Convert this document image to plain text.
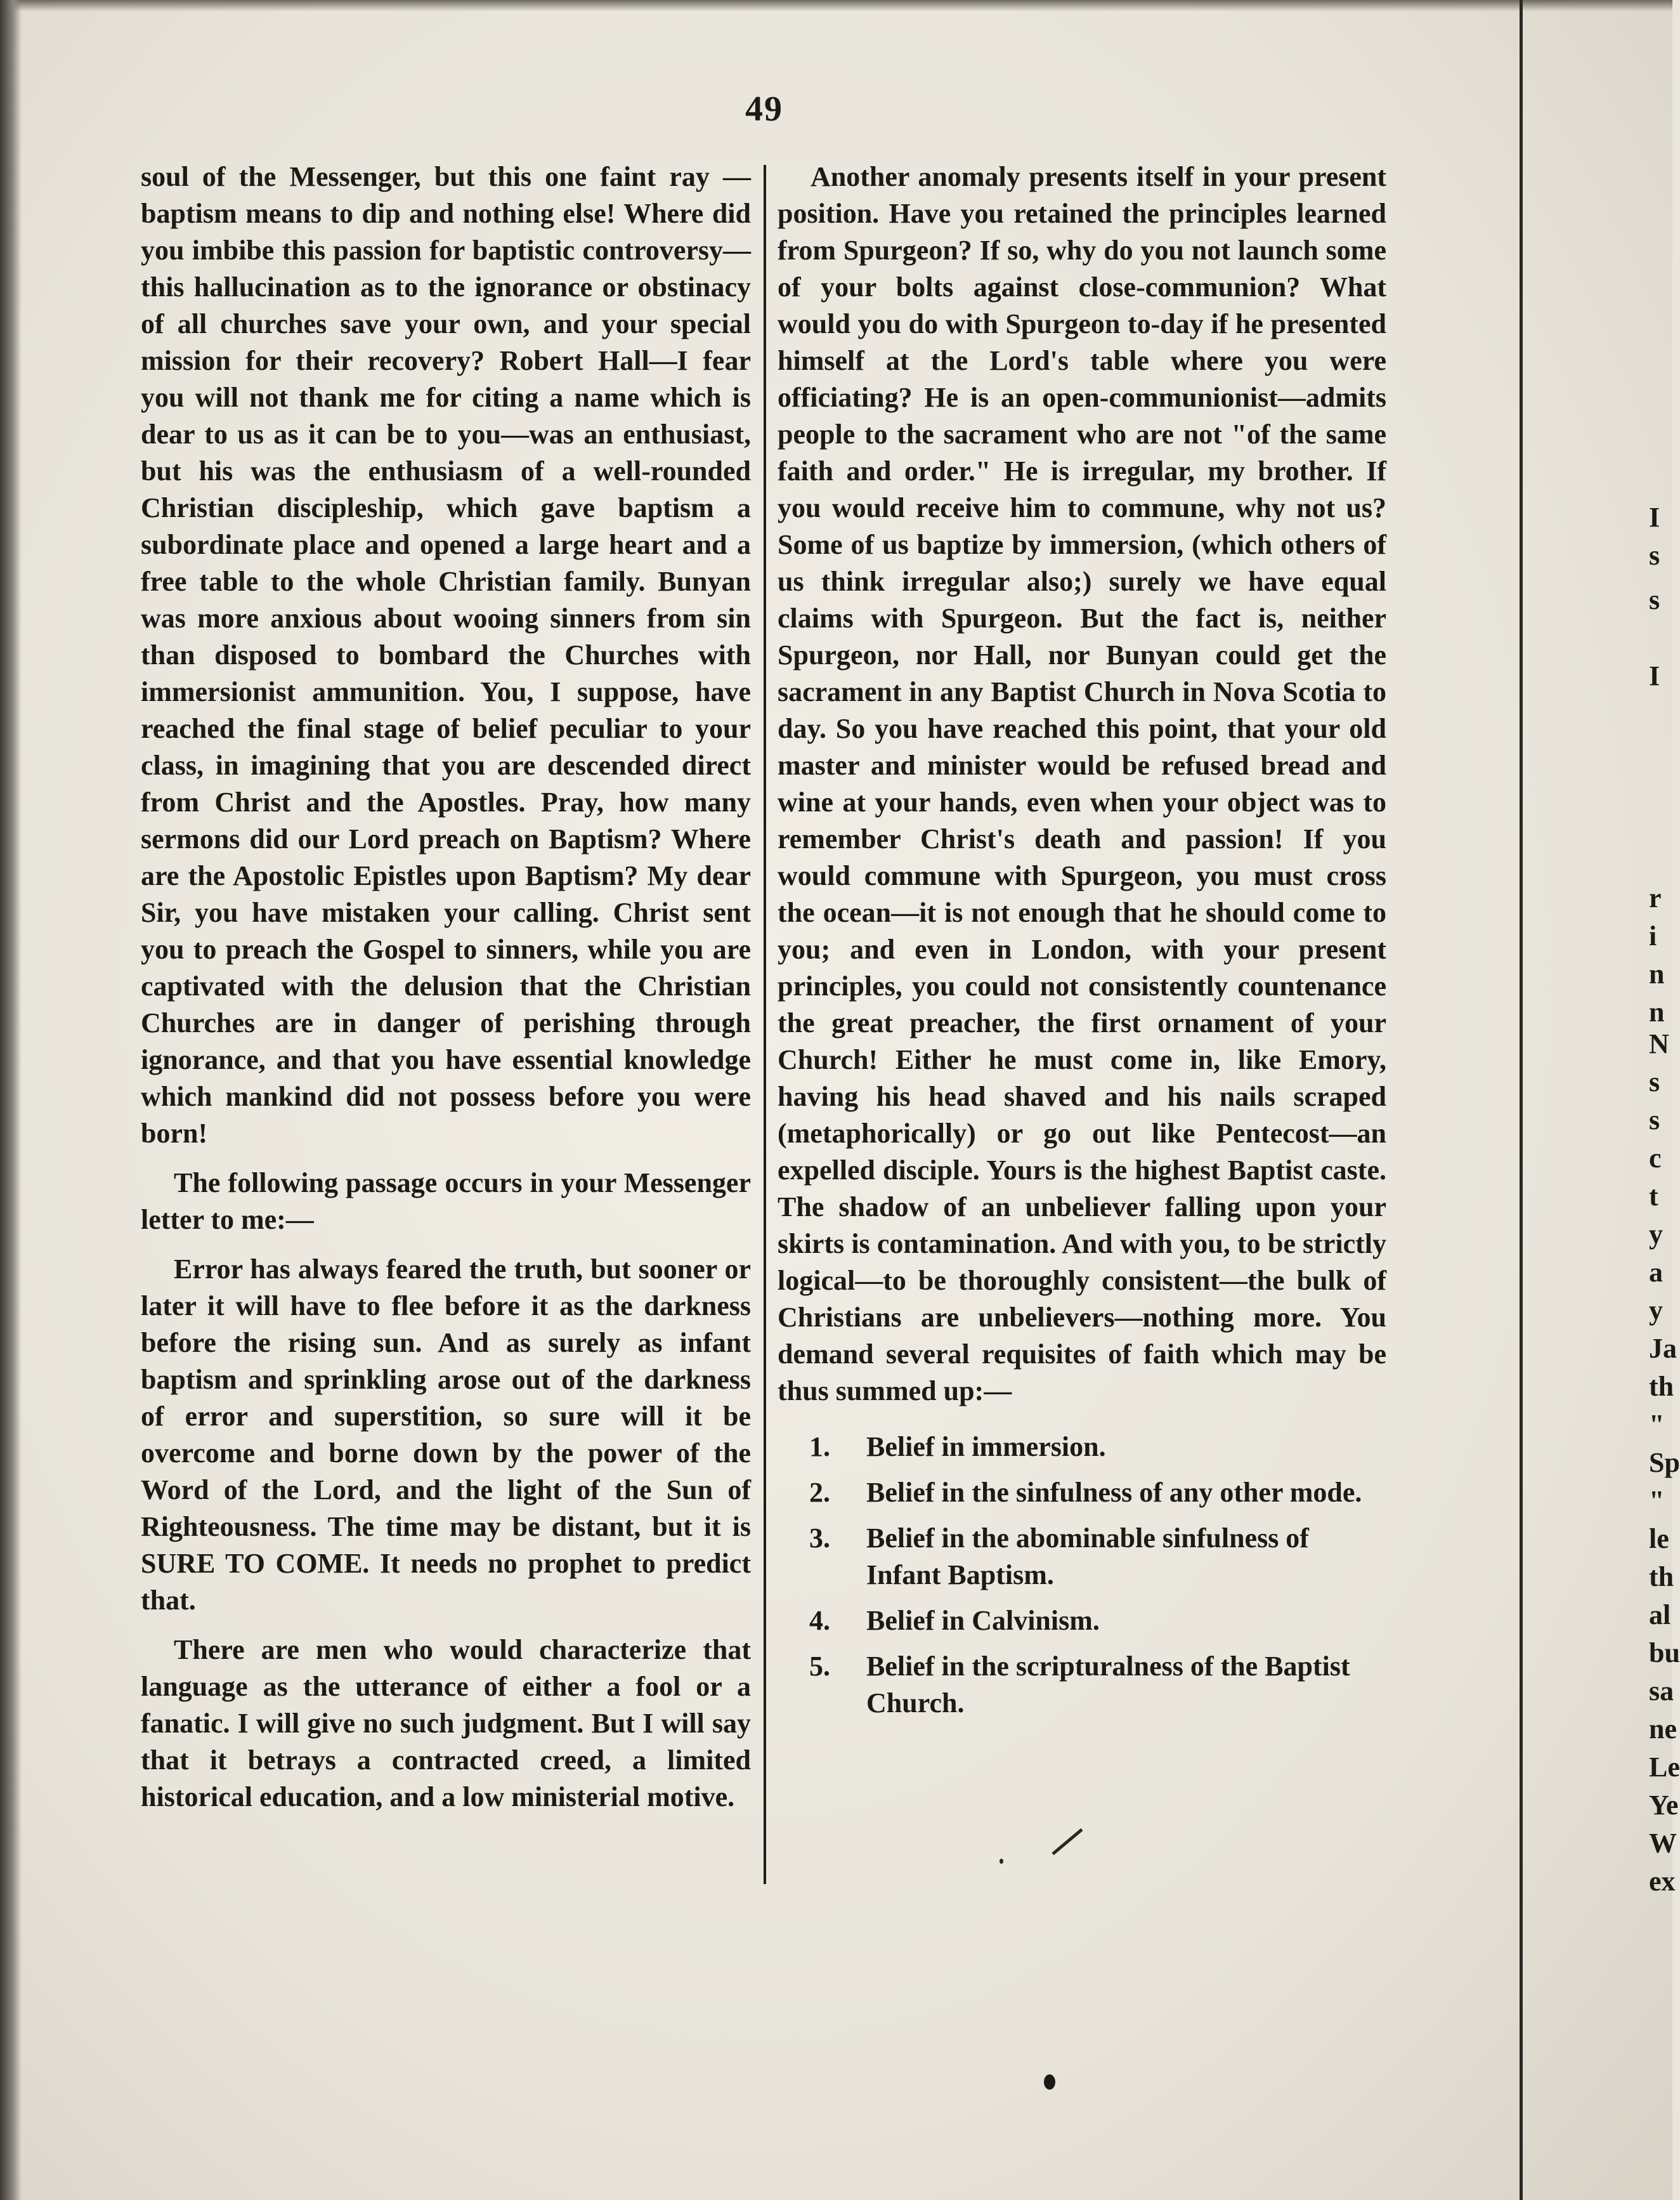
49

soul of the Messenger, but this one faint ray —baptism means to dip and nothing else! Where did you imbibe this passion for baptistic controversy—this hallucination as to the ignorance or obstinacy of all churches save your own, and your special mission for their recovery? Robert Hall—I fear you will not thank me for citing a name which is dear to us as it can be to you—was an enthusiast, but his was the enthusiasm of a well-rounded Christian discipleship, which gave baptism a subordinate place and opened a large heart and a free table to the whole Christian family. Bunyan was more anxious about wooing sinners from sin than disposed to bombard the Churches with immersionist ammunition. You, I suppose, have reached the final stage of belief peculiar to your class, in imagining that you are descended direct from Christ and the Apostles. Pray, how many sermons did our Lord preach on Baptism? Where are the Apostolic Epistles upon Baptism? My dear Sir, you have mistaken your calling. Christ sent you to preach the Gospel to sinners, while you are captivated with the delusion that the Christian Churches are in danger of perishing through ignorance, and that you have essential knowledge which mankind did not possess before you were born!

The following passage occurs in your Messenger letter to me:—

Error has always feared the truth, but sooner or later it will have to flee before it as the darkness before the rising sun. And as surely as infant baptism and sprinkling arose out of the darkness of error and superstition, so sure will it be overcome and borne down by the power of the Word of the Lord, and the light of the Sun of Righteousness. The time may be distant, but it is SURE TO COME. It needs no prophet to predict that.

There are men who would characterize that language as the utterance of either a fool or a fanatic. I will give no such judgment. But I will say that it betrays a contracted creed, a limited historical education, and a low ministerial motive.

Another anomaly presents itself in your present position. Have you retained the principles learned from Spurgeon? If so, why do you not launch some of your bolts against close-communion? What would you do with Spurgeon to-day if he presented himself at the Lord's table where you were officiating? He is an open-communionist—admits people to the sacrament who are not "of the same faith and order." He is irregular, my brother. If you would receive him to commune, why not us? Some of us baptize by immersion, (which others of us think irregular also;) surely we have equal claims with Spurgeon. But the fact is, neither Spurgeon, nor Hall, nor Bunyan could get the sacrament in any Baptist Church in Nova Scotia to day. So you have reached this point, that your old master and minister would be refused bread and wine at your hands, even when your object was to remember Christ's death and passion! If you would commune with Spurgeon, you must cross the ocean—it is not enough that he should come to you; and even in London, with your present principles, you could not consistently countenance the great preacher, the first ornament of your Church! Either he must come in, like Emory, having his head shaved and his nails scraped (metaphorically) or go out like Pentecost—an expelled disciple. Yours is the highest Baptist caste. The shadow of an unbeliever falling upon your skirts is contamination. And with you, to be strictly logical—to be thoroughly consistent—the bulk of Christians are unbelievers—nothing more. You demand several requisites of faith which may be thus summed up:—

1. Belief in immersion.
2. Belief in the sinfulness of any other mode.
3. Belief in the abominable sinfulness of Infant Baptism.
4. Belief in Calvinism.
5. Belief in the scripturalness of the Baptist Church.
I
s
s
I
r
i
n
n
N
s
s
c
t
y
a
y
Ja
th
"
Sp
"
le
th
al
bu
sa
ne
Le
Ye
W
ex
